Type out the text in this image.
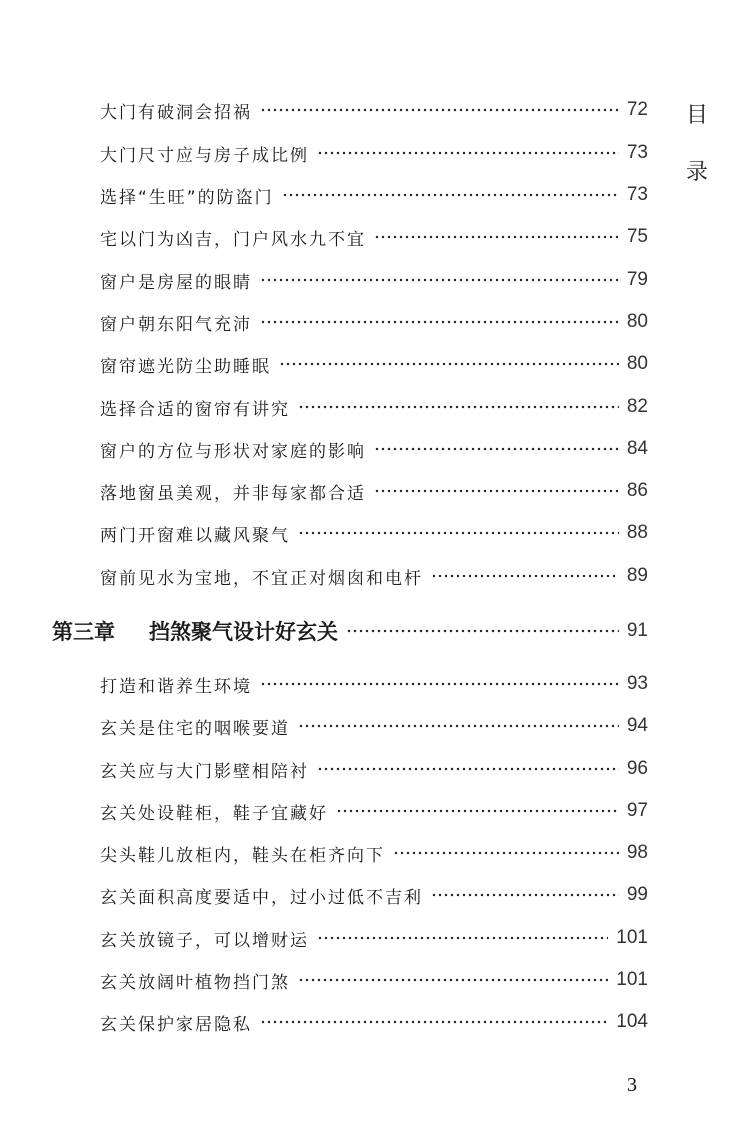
目
录
大门有破洞会招祸	72
大门尺寸应与房子成比例	73
选择“生旺”的防盗门	73
宅以门为凶吉，门户风水九不宜	75
窗户是房屋的眼睛	79
窗户朝东阳气充沛	80
窗帘遮光防尘助睡眠	80
选择合适的窗帘有讲究	82
窗户的方位与形状对家庭的影响	84
落地窗虽美观，并非每家都合适	86
两门开窗难以藏风聚气	88
窗前见水为宝地，不宜正对烟囱和电杆	89
第三章 挡煞聚气设计好玄关	91
打造和谐养生环境	93
玄关是住宅的咽喉要道	94
玄关应与大门影壁相陪衬	96
玄关处设鞋柜，鞋子宜藏好	97
尖头鞋儿放柜内，鞋头在柜齐向下	98
玄关面积高度要适中，过小过低不吉利	99
玄关放镜子，可以增财运	101
玄关放阔叶植物挡门煞	101
玄关保护家居隐私	104
3
